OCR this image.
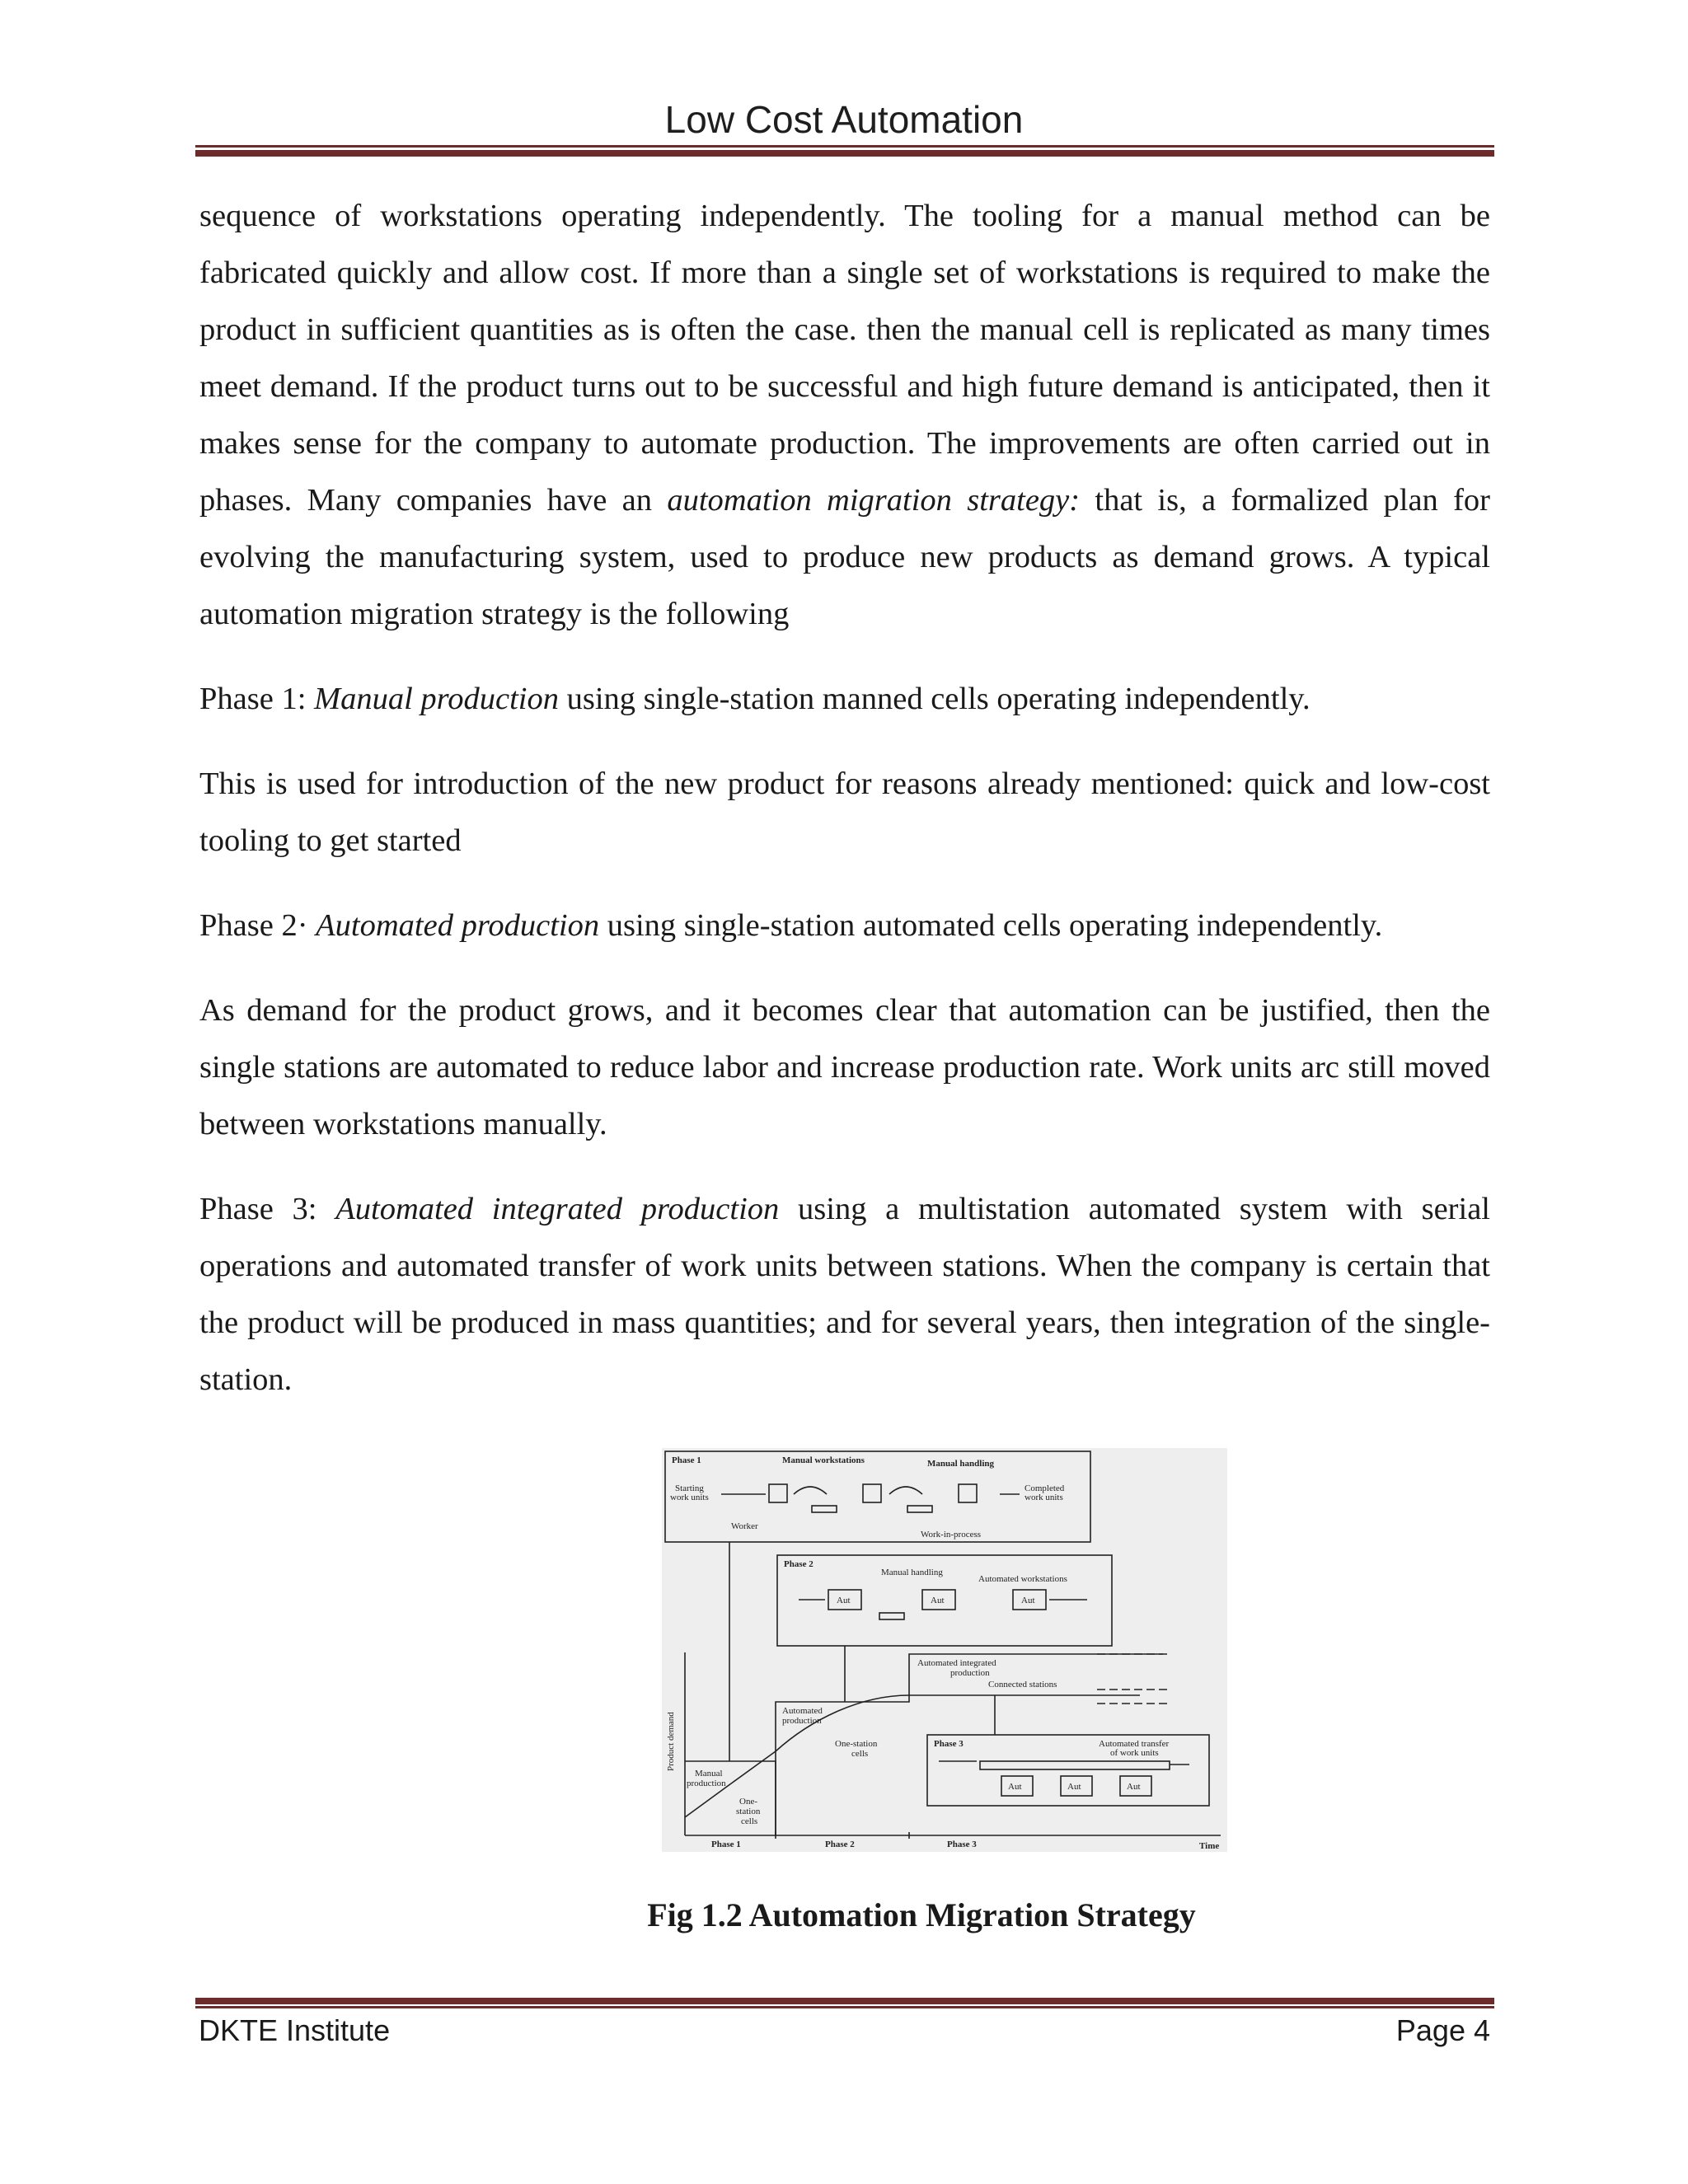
Low Cost Automation

sequence of workstations operating independently. The tooling for a manual method can be fabricated quickly and allow cost. If more than a single set of workstations is required to make the product in sufficient quantities as is often the case. then the manual cell is replicated as many times meet demand. If the product turns out to be successful and high future demand is anticipated, then it makes sense for the company to automate production. The improvements are often carried out in phases. Many companies have an automation migration strategy: that is, a formalized plan for evolving the manufacturing system, used to produce new products as demand grows. A typical automation migration strategy is the following

Phase 1: Manual production using single-station manned cells operating independently.

This is used for introduction of the new product for reasons already mentioned: quick and low-cost tooling to get started

Phase 2· Automated production using single-station automated cells operating independently.

As demand for the product grows, and it becomes clear that automation can be justified, then the single stations are automated to reduce labor and increase production rate. Work units arc still moved between workstations manually.

Phase 3: Automated integrated production using a multistation automated system with serial operations and automated transfer of work units between stations. When the company is certain that the product will be produced in mass quantities; and for several years, then integration of the single-station.

Phase 1	Manual workstations	Manual handling
Starting
work units
Completed
work units
Worker
Work-in-process
Phase 2
Manual handling
Automated workstations
Aut	Aut	Aut
Automated integrated
production
Connected stations
Automated
production
One-station
cells
Product demand
Manual
production
One-
station
cells
Phase 3	Automated transfer
of work units
Aut	Aut	Aut
Phase 1	Phase 2	Phase 3	Time
Fig 1.2 Automation Migration Strategy
DKTE Institute	Page 4
